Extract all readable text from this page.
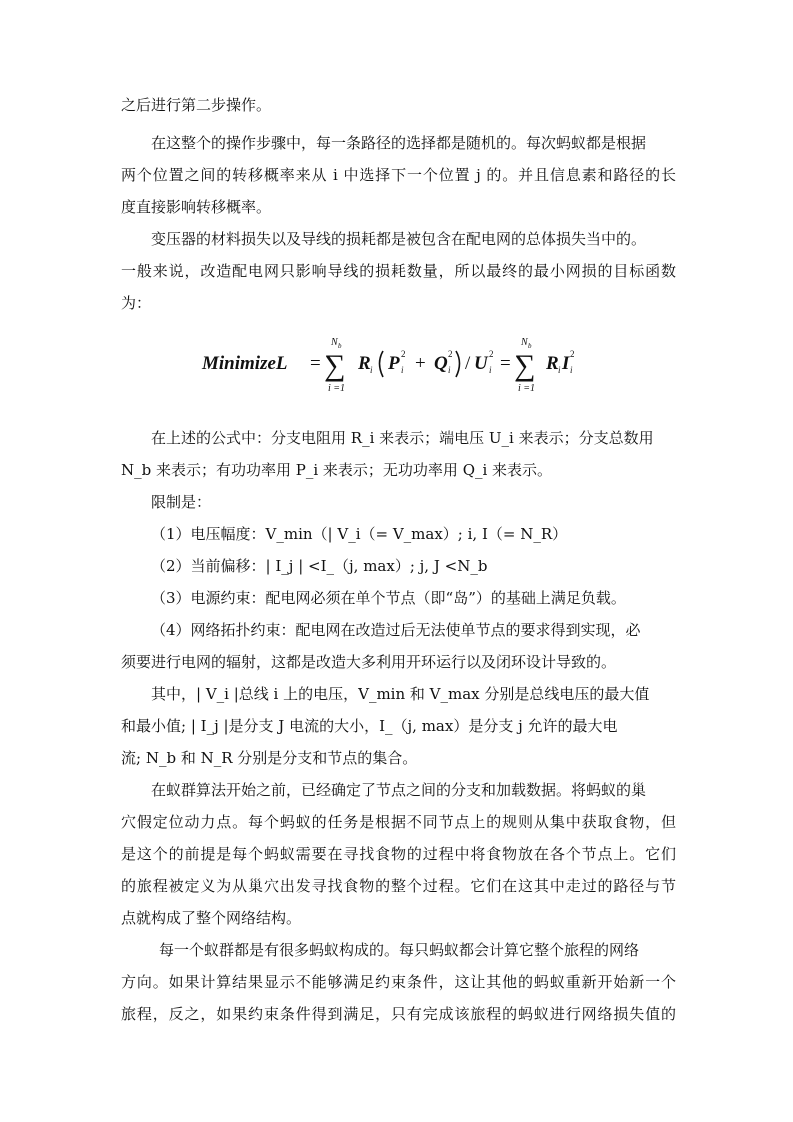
之后进行第二步操作。
在这整个的操作步骤中，每一条路径的选择都是随机的。每次蚂蚁都是根据
两个位置之间的转移概率来从 i 中选择下一个位置 j 的。并且信息素和路径的长
度直接影响转移概率。
变压器的材料损失以及导线的损耗都是被包含在配电网的总体损失当中的。
一般来说，改造配电网只影响导线的损耗数量，所以最终的最小网损的目标函数
为：
MinimizeL =
N b
∑
i =1
R i P 2
i + Q 2
i / U 2
i =
N b
∑
i =1
R i I 2
i
在上述的公式中：分支电阻用 R_i 来表示；端电压 U_i 来表示；分支总数用
N_b 来表示；有功功率用 P_i 来表示；无功功率用 Q_i 来表示。
限制是：
（1）电压幅度：V_min（| V_i（= V_max）; i, I（= N_R）
（2）当前偏移：| I_j | <I_（j, max）; j, J <N_b
（3）电源约束：配电网必须在单个节点（即“岛”）的基础上满足负载。
（4）网络拓扑约束：配电网在改造过后无法使单节点的要求得到实现，必
须要进行电网的辐射，这都是改造大多利用开环运行以及闭环设计导致的。
其中，| V_i |总线 i 上的电压，V_min 和 V_max 分别是总线电压的最大值
和最小值; | I_j |是分支 J 电流的大小，I_（j, max）是分支 j 允许的最大电
流; N_b 和 N_R 分别是分支和节点的集合。
在蚁群算法开始之前，已经确定了节点之间的分支和加载数据。将蚂蚁的巢
穴假定位动力点。每个蚂蚁的任务是根据不同节点上的规则从集中获取食物，但
是这个的前提是每个蚂蚁需要在寻找食物的过程中将食物放在各个节点上。它们
的旅程被定义为从巢穴出发寻找食物的整个过程。它们在这其中走过的路径与节
点就构成了整个网络结构。
每一个蚁群都是有很多蚂蚁构成的。每只蚂蚁都会计算它整个旅程的网络
方向。如果计算结果显示不能够满足约束条件，这让其他的蚂蚁重新开始新一个
旅程，反之，如果约束条件得到满足，只有完成该旅程的蚂蚁进行网络损失值的
